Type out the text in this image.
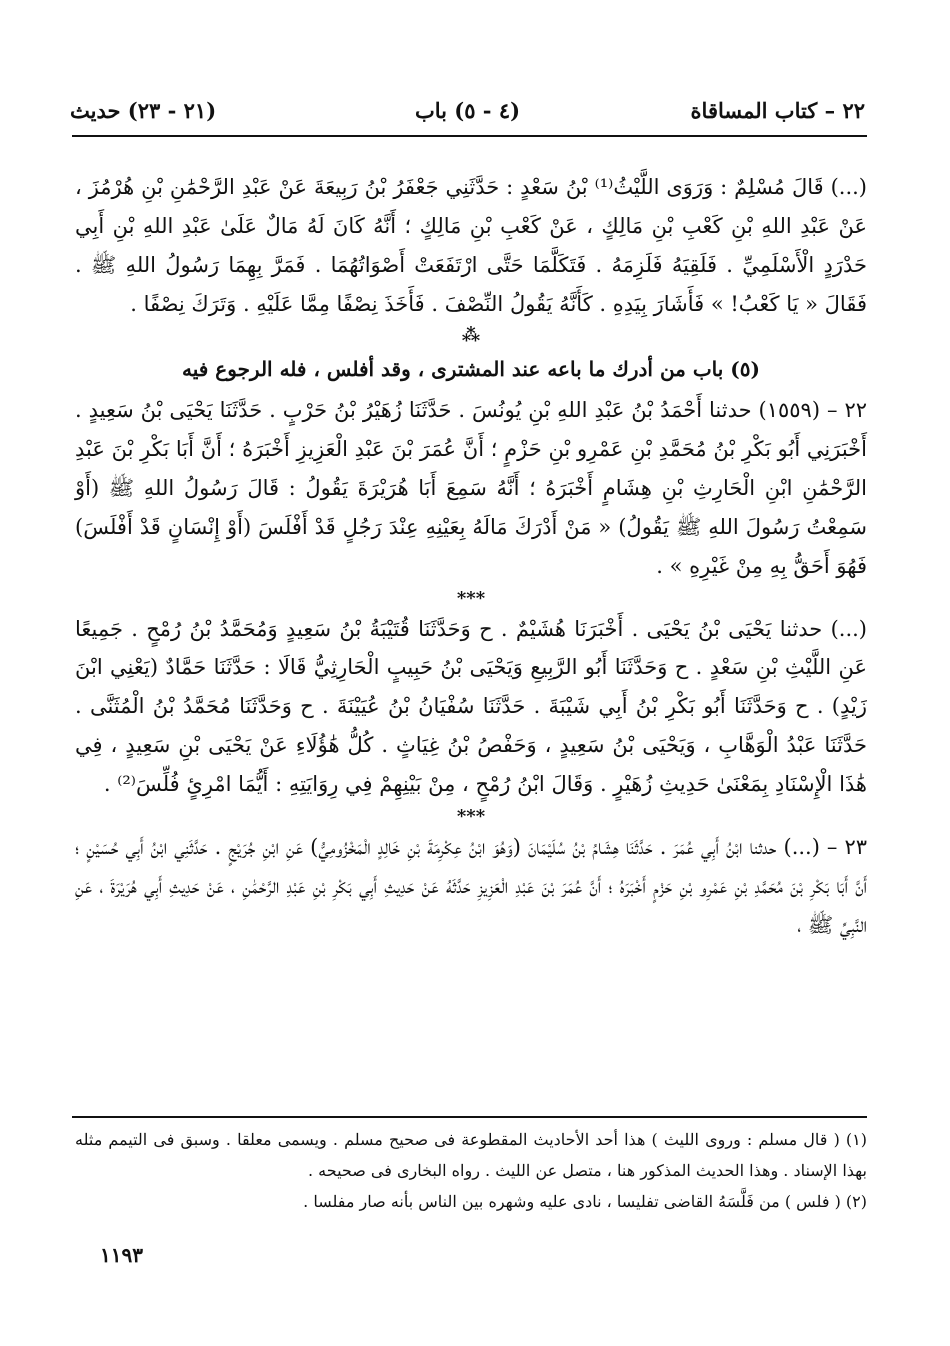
٢٢ – كتاب المساقاة
(٤ - ٥) باب
(٢١ - ٢٣) حديث

(...) قَالَ مُسْلِمٌ : وَرَوَى اللَّيْثُ⁽¹⁾ بْنُ سَعْدٍ : حَدَّثَنِي جَعْفَرُ بْنُ رَبِيعَةَ عَنْ عَبْدِ الرَّحْمَٰنِ بْنِ هُرْمُزَ ، عَنْ عَبْدِ اللهِ بْنِ كَعْبِ بْنِ مَالِكٍ ، عَنْ كَعْبِ بْنِ مَالِكٍ ؛ أَنَّهُ كَانَ لَهُ مَالٌ عَلَىٰ عَبْدِ اللهِ بْنِ أَبِي حَدْرَدٍ الْأَسْلَمِيِّ . فَلَقِيَهُ فَلَزِمَهُ . فَتَكَلَّمَا حَتَّى ارْتَفَعَتْ أَصْوَاتُهُمَا . فَمَرَّ بِهِمَا رَسُولُ اللهِ ﷺ . فَقَالَ « يَا كَعْبُ! » فَأَشَارَ بِيَدِهِ . كَأَنَّهُ يَقُولُ النِّصْفَ . فَأَخَذَ نِصْفًا مِمَّا عَلَيْهِ . وَتَرَكَ نِصْفًا .

⁂
(٥) باب من أدرك ما باعه عند المشترى ، وقد أفلس ، فله الرجوع فيه

٢٢ – (١٥٥٩) حدثنا أَحْمَدُ بْنُ عَبْدِ اللهِ بْنِ يُونُسَ . حَدَّثَنَا زُهَيْرُ بْنُ حَرْبٍ . حَدَّثَنَا يَحْيَى بْنُ سَعِيدٍ . أَخْبَرَنِي أَبُو بَكْرِ بْنُ مُحَمَّدِ بْنِ عَمْرِو بْنِ حَزْمٍ ؛ أَنَّ عُمَرَ بْنَ عَبْدِ الْعَزِيزِ أَخْبَرَهُ ؛ أَنَّ أَبَا بَكْرِ بْنَ عَبْدِ الرَّحْمَٰنِ ابْنِ الْحَارِثِ بْنِ هِشَامٍ أَخْبَرَهُ ؛ أَنَّهُ سَمِعَ أَبَا هُرَيْرَةَ يَقُولُ : قَالَ رَسُولُ اللهِ ﷺ (أَوْ سَمِعْتُ رَسُولَ اللهِ ﷺ يَقُولُ) « مَنْ أَدْرَكَ مَالَهُ بِعَيْنِهِ عِنْدَ رَجُلٍ قَدْ أَفْلَسَ (أَوْ إِنْسَانٍ قَدْ أَفْلَسَ) فَهُوَ أَحَقُّ بِهِ مِنْ غَيْرِهِ » .

***

(...) حدثنا يَحْيَى بْنُ يَحْيَى . أَخْبَرَنَا هُشَيْمٌ . ح وَحَدَّثَنَا قُتَيْبَةُ بْنُ سَعِيدٍ وَمُحَمَّدُ بْنُ رُمْحٍ . جَمِيعًا عَنِ اللَّيْثِ بْنِ سَعْدٍ . ح وَحَدَّثَنَا أَبُو الرَّبِيعِ وَيَحْيَى بْنُ حَبِيبٍ الْحَارِثِيُّ قَالَا : حَدَّثَنَا حَمَّادٌ (يَعْنِي ابْنَ زَيْدٍ) . ح وَحَدَّثَنَا أَبُو بَكْرِ بْنُ أَبِي شَيْبَةَ . حَدَّثَنَا سُفْيَانُ بْنُ عُيَيْنَةَ . ح وَحَدَّثَنَا مُحَمَّدُ بْنُ الْمُثَنَّى . حَدَّثَنَا عَبْدُ الْوَهَّابِ ، وَيَحْيَى بْنُ سَعِيدٍ ، وَحَفْصُ بْنُ غِيَاثٍ . كُلُّ هَٰؤُلَاءِ عَنْ يَحْيَى بْنِ سَعِيدٍ ، فِي هَٰذَا الْإِسْنَادِ بِمَعْنَىٰ حَدِيثِ زُهَيْرٍ . وَقَالَ ابْنُ رُمْحٍ ، مِنْ بَيْنِهِمْ فِي رِوَايَتِهِ : أَيُّمَا امْرِئٍ فُلِّسَ⁽²⁾ .

***

٢٣ – (...) حدثنا ابْنُ أَبِي عُمَرَ . حَدَّثَنَا هِشَامُ بْنُ سُلَيْمَانَ (وَهُوَ ابْنُ عِكْرِمَةَ بْنِ خَالِدٍ الْمَخْزُومِيُّ) عَنِ ابْنِ جُرَيْجٍ . حَدَّثَنِي ابْنُ أَبِي حُسَيْنٍ ؛ أَنَّ أَبَا بَكْرِ بْنَ مُحَمَّدِ بْنِ عَمْرِو بْنِ حَزْمٍ أَخْبَرَهُ ؛ أَنَّ عُمَرَ بْنَ عَبْدِ الْعَزِيزِ حَدَّثَهُ عَنْ حَدِيثِ أَبِي بَكْرِ بْنِ عَبْدِ الرَّحْمَٰنِ ، عَنْ حَدِيثِ أَبِي هُرَيْرَةَ ، عَنِ النَّبِيِّ ﷺ ،

(١) ( قال مسلم : وروى الليث ) هذا أحد الأحاديث المقطوعة فى صحيح مسلم . ويسمى معلقا . وسبق فى التيمم مثله بهذا الإسناد . وهذا الحديث المذكور هنا ، متصل عن الليث . رواه البخارى فى صحيحه .

(٢) ( فلس ) من فَلَّسَهُ القاضى تفليسا ، نادى عليه وشهره بين الناس بأنه صار مفلسا .

١١٩٣
